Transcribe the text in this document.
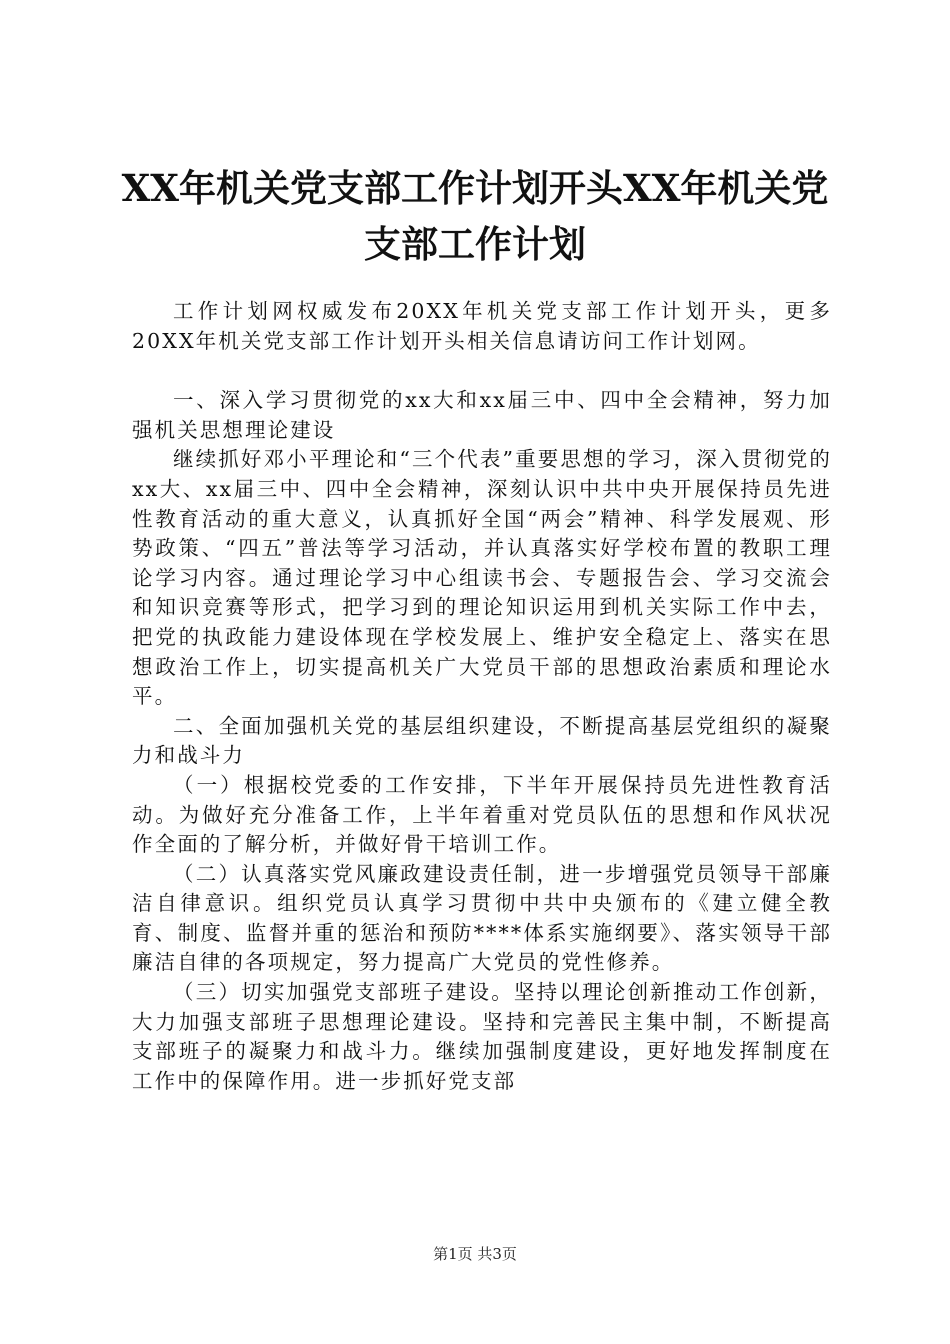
XX年机关党支部工作计划开头XX年机关党支部工作计划

工作计划网权威发布20XX年机关党支部工作计划开头，更多20XX年机关党支部工作计划开头相关信息请访问工作计划网。

一、深入学习贯彻党的xx大和xx届三中、四中全会精神，努力加强机关思想理论建设

继续抓好邓小平理论和“三个代表”重要思想的学习，深入贯彻党的xx大、xx届三中、四中全会精神，深刻认识中共中央开展保持员先进性教育活动的重大意义，认真抓好全国“两会”精神、科学发展观、形势政策、“四五”普法等学习活动，并认真落实好学校布置的教职工理论学习内容。通过理论学习中心组读书会、专题报告会、学习交流会和知识竞赛等形式，把学习到的理论知识运用到机关实际工作中去，把党的执政能力建设体现在学校发展上、维护安全稳定上、落实在思想政治工作上，切实提高机关广大党员干部的思想政治素质和理论水平。

二、全面加强机关党的基层组织建设，不断提高基层党组织的凝聚力和战斗力

（一）根据校党委的工作安排，下半年开展保持员先进性教育活动。为做好充分准备工作，上半年着重对党员队伍的思想和作风状况作全面的了解分析，并做好骨干培训工作。

（二）认真落实党风廉政建设责任制，进一步增强党员领导干部廉洁自律意识。组织党员认真学习贯彻中共中央颁布的《建立健全教育、制度、监督并重的惩治和预防****体系实施纲要》、落实领导干部廉洁自律的各项规定，努力提高广大党员的党性修养。

（三）切实加强党支部班子建设。坚持以理论创新推动工作创新，大力加强支部班子思想理论建设。坚持和完善民主集中制，不断提高支部班子的凝聚力和战斗力。继续加强制度建设，更好地发挥制度在工作中的保障作用。进一步抓好党支部

第1页 共3页
